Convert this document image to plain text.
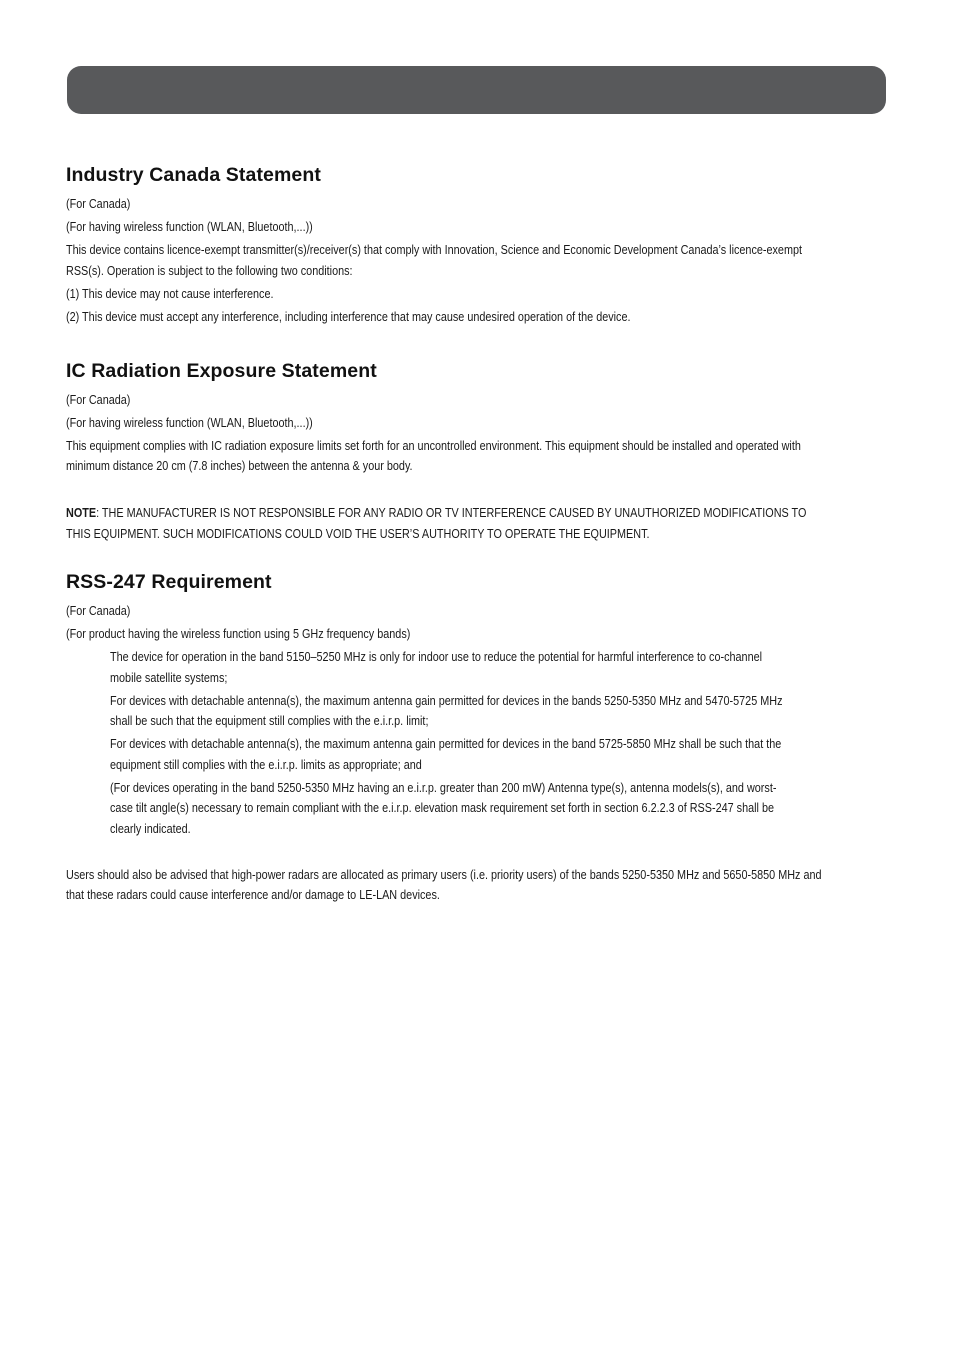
Industry Canada Statement

(For Canada)

(For having wireless function (WLAN, Bluetooth,...))

This device contains licence-exempt transmitter(s)/receiver(s) that comply with Innovation, Science and Economic Development Canada’s licence-exempt RSS(s). Operation is subject to the following two conditions:

(1) This device may not cause interference.

(2) This device must accept any interference, including interference that may cause undesired operation of the device.

IC Radiation Exposure Statement

(For Canada)

(For having wireless function (WLAN, Bluetooth,...))

This equipment complies with IC radiation exposure limits set forth for an uncontrolled environment. This equipment should be installed and operated with minimum distance 20 cm (7.8 inches) between the antenna & your body.

NOTE: THE MANUFACTURER IS NOT RESPONSIBLE FOR ANY RADIO OR TV INTERFERENCE CAUSED BY UNAUTHORIZED MODIFICATIONS TO THIS EQUIPMENT. SUCH MODIFICATIONS COULD VOID THE USER’S AUTHORITY TO OPERATE THE EQUIPMENT.

RSS-247 Requirement

(For Canada)

(For product having the wireless function using 5 GHz frequency bands)

The device for operation in the band 5150–5250 MHz is only for indoor use to reduce the potential for harmful interference to co-channel mobile satellite systems;

For devices with detachable antenna(s), the maximum antenna gain permitted for devices in the bands 5250-5350 MHz and 5470-5725 MHz shall be such that the equipment still complies with the e.i.r.p. limit;

For devices with detachable antenna(s), the maximum antenna gain permitted for devices in the band 5725-5850 MHz shall be such that the equipment still complies with the e.i.r.p. limits as appropriate; and

(For devices operating in the band 5250-5350 MHz having an e.i.r.p. greater than 200 mW) Antenna type(s), antenna models(s), and worst-case tilt angle(s) necessary to remain compliant with the e.i.r.p. elevation mask requirement set forth in section 6.2.2.3 of RSS-247 shall be clearly indicated.

Users should also be advised that high-power radars are allocated as primary users (i.e. priority users) of the bands 5250-5350 MHz and 5650-5850 MHz and that these radars could cause interference and/or damage to LE-LAN devices.
